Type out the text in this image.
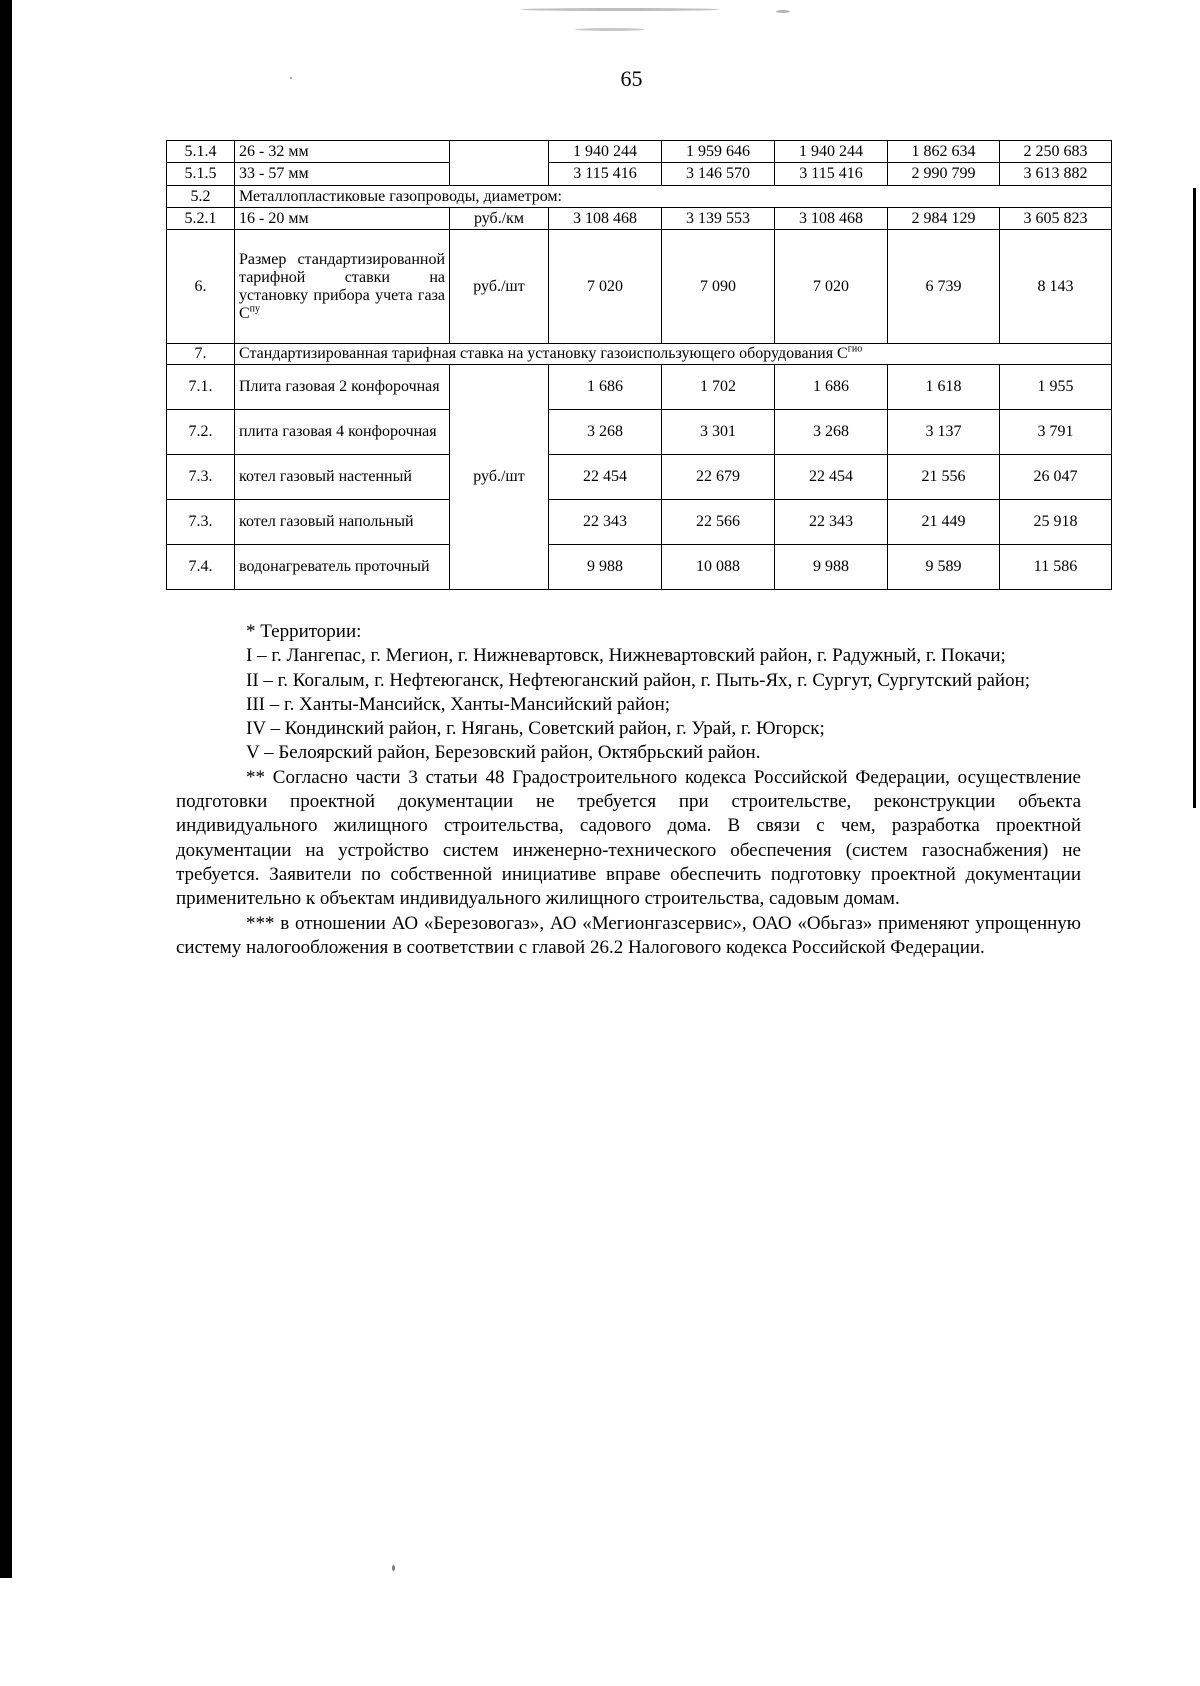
65
5.1.4	26 - 32 мм		1 940 244	1 959 646	1 940 244	1 862 634	2 250 683
5.1.5	33 - 57 мм		3 115 416	3 146 570	3 115 416	2 990 799	3 613 882
5.2	Металлопластиковые газопроводы, диаметром:						
5.2.1	16 - 20 мм	руб./км	3 108 468	3 139 553	3 108 468	2 984 129	3 605 823
6.	Размер стандартизированной тарифной ставки на установку прибора учета газа $С^{пу}$	руб./шт	7 020	7 090	7 020	6 739	8 143
7.	Стандартизированная тарифная ставка на установку газоиспользующего оборудования $С^{гио}$
7.1.	Плита газовая 2 конфорочная	руб./шт	1 686	1 702	1 686	1 618	1 955
7.2.	плита газовая 4 конфорочная		3 268	3 301	3 268	3 137	3 791
7.3.	котел газовый настенный		22 454	22 679	22 454	21 556	26 047
7.3.	котел газовый напольный		22 343	22 566	22 343	21 449	25 918
7.4.	водонагреватель проточный		9 988	10 088	9 988	9 589	11 586

* Территории:

I – г. Лангепас, г. Мегион, г. Нижневартовск, Нижневартовский район, г. Радужный, г. Покачи;

II – г. Когалым, г. Нефтеюганск, Нефтеюганский район, г. Пыть-Ях, г. Сургут, Сургутский район;

III – г. Ханты-Мансийск, Ханты-Мансийский район;

IV – Кондинский район, г. Нягань, Советский район, г. Урай, г. Югорск;

V – Белоярский район, Березовский район, Октябрьский район.

** Согласно части 3 статьи 48 Градостроительного кодекса Российской Федерации, осуществление подготовки проектной документации не требуется при строительстве, реконструкции объекта индивидуального жилищного строительства, садового дома. В связи с чем, разработка проектной документации на устройство систем инженерно-технического обеспечения (систем газоснабжения) не требуется. Заявители по собственной инициативе вправе обеспечить подготовку проектной документации применительно к объектам индивидуального жилищного строительства, садовым домам.

*** в отношении АО «Березовогаз», АО «Мегионгазсервис», ОАО «Обьгаз» применяют упрощенную систему налогообложения в соответствии с главой 26.2 Налогового кодекса Российской Федерации.
